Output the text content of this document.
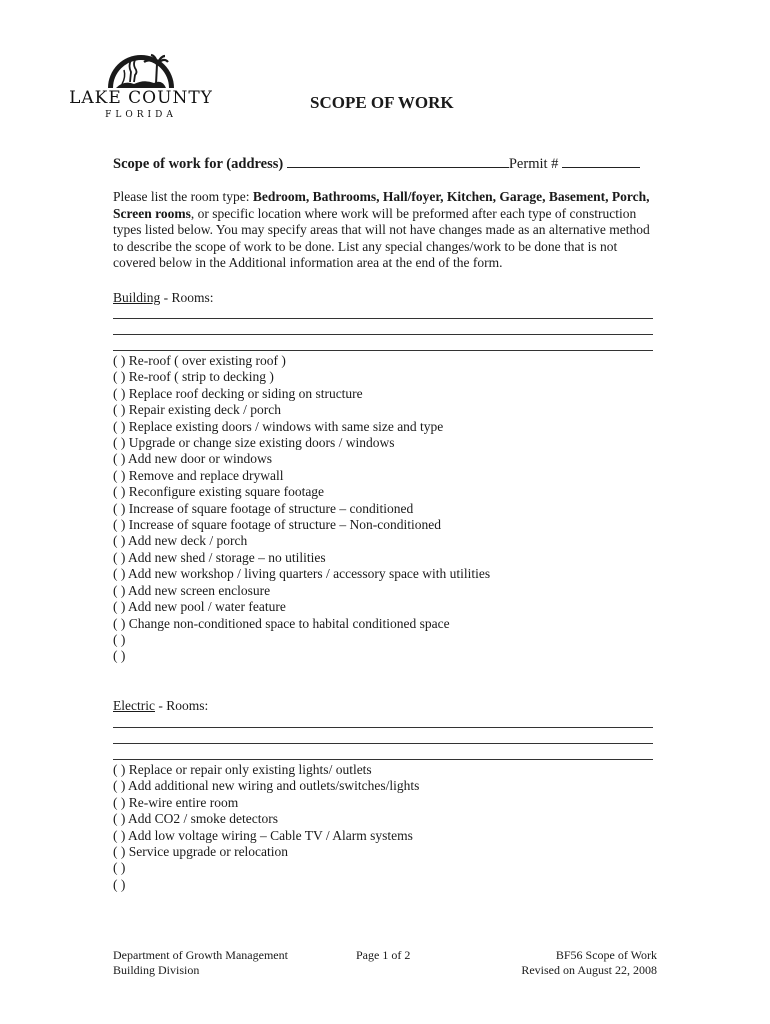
LAKE COUNTY
FLORIDA
SCOPE OF WORK
Scope of work for (address)	Permit #
Please list the room type: Bedroom, Bathrooms, Hall/foyer, Kitchen, Garage, Basement, Porch, Screen rooms, or specific location where work will be preformed after each type of construction types listed below. You may specify areas that will not have changes made as an alternative method to describe the scope of work to be done. List any special changes/work to be done that is not covered below in the Additional information area at the end of the form.
Building - Rooms:
( ) Re-roof ( over existing roof )
( ) Re-roof ( strip to decking )
( ) Replace roof decking or siding on structure
( ) Repair existing deck / porch
( ) Replace existing doors / windows with same size and type
( ) Upgrade or change size existing doors / windows
( ) Add new door or windows
( ) Remove and replace drywall
( ) Reconfigure existing square footage
( ) Increase of square footage of structure – conditioned
( ) Increase of square footage of structure – Non-conditioned
( ) Add new deck / porch
( ) Add new shed / storage – no utilities
( ) Add new workshop / living quarters / accessory space with utilities
( ) Add new screen enclosure
( ) Add new pool / water feature
( ) Change non-conditioned space to habital conditioned space
( )
( )
Electric - Rooms:
( ) Replace or repair only existing lights/ outlets
( ) Add additional new wiring and outlets/switches/lights
( ) Re-wire entire room
( ) Add CO2 / smoke detectors
( ) Add low voltage wiring – Cable TV / Alarm systems
( ) Service upgrade or relocation
( )
( )
Department of Growth Management
Building Division
Page 1 of 2	BF56 Scope of Work
Revised on August 22, 2008
